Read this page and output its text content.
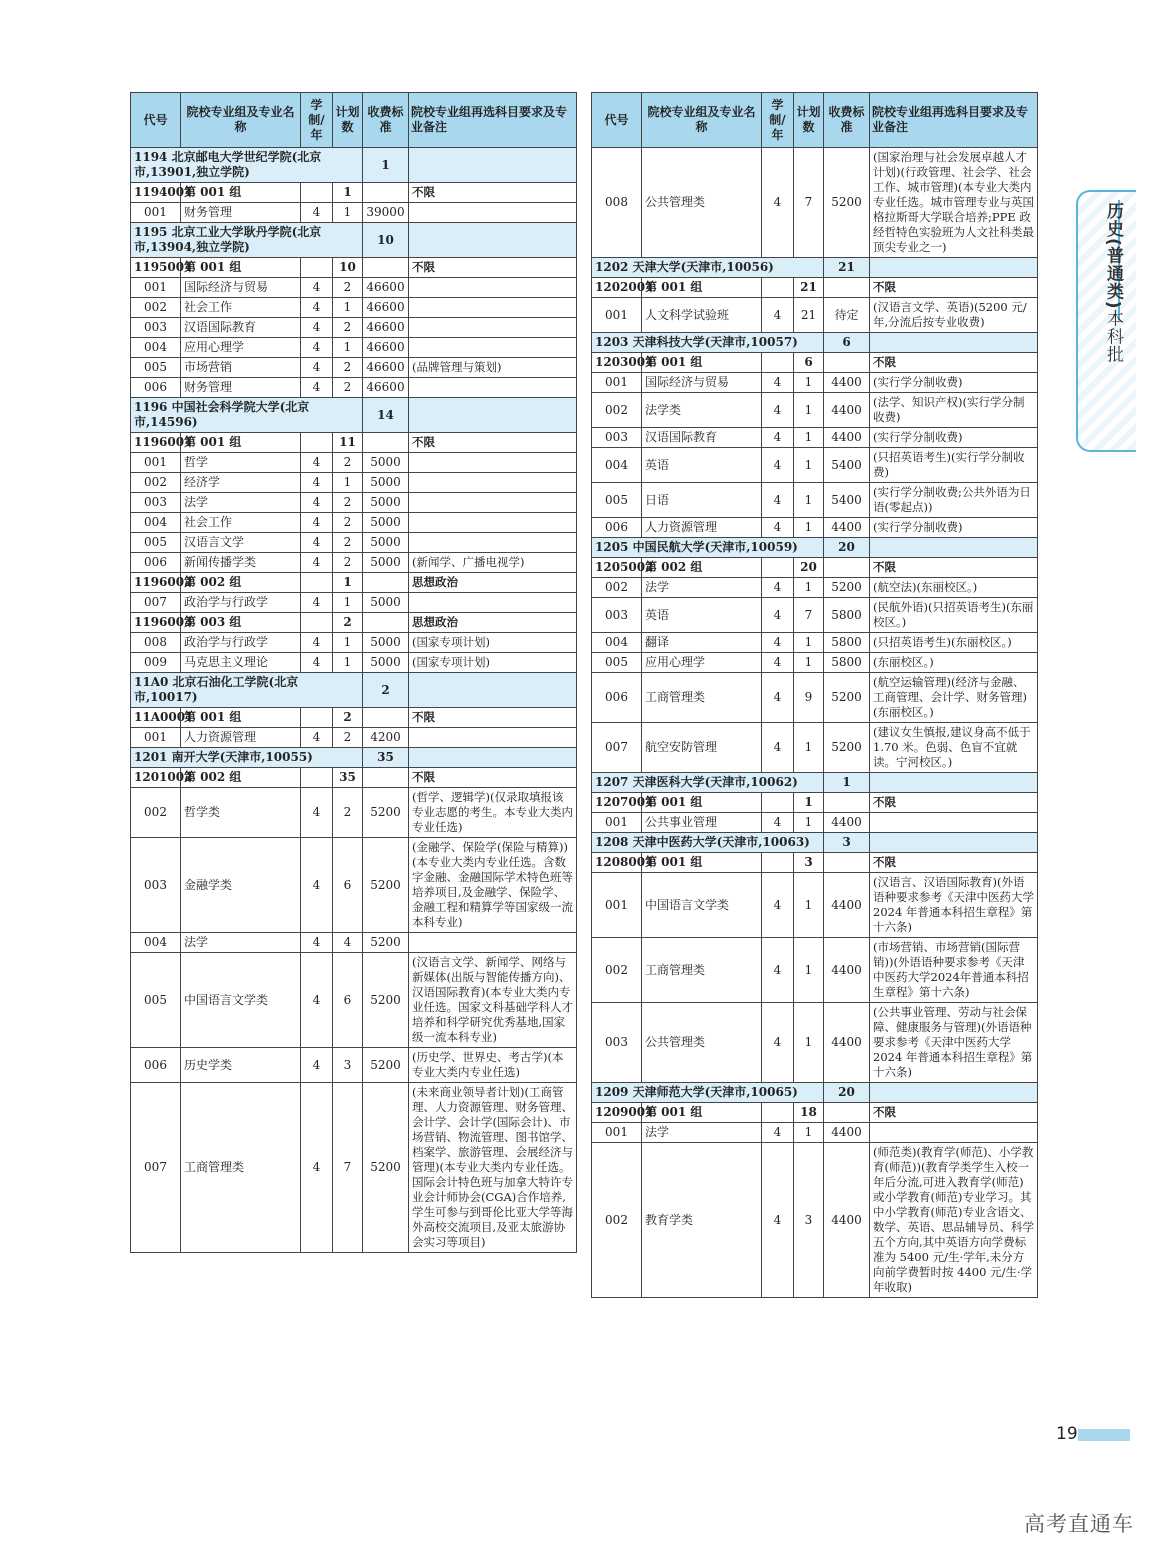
代号	院校专业组及专业名称	学制/年	计划数	收费标准	院校专业组再选科目要求及专业备注
1194 北京邮电大学世纪学院(北京市,13901,独立学院)				1	
1194001	第 001 组		1		不限
001	财务管理	4	1	39000	
1195 北京工业大学耿丹学院(北京市,13904,独立学院)				10	
1195001	第 001 组		10		不限
001	国际经济与贸易	4	2	46600	
002	社会工作	4	1	46600	
003	汉语国际教育	4	2	46600	
004	应用心理学	4	1	46600	
005	市场营销	4	2	46600	(品牌管理与策划)
006	财务管理	4	2	46600	
1196 中国社会科学院大学(北京市,14596)				14	
1196001	第 001 组		11		不限
001	哲学	4	2	5000	
002	经济学	4	1	5000	
003	法学	4	2	5000	
004	社会工作	4	2	5000	
005	汉语言文学	4	2	5000	
006	新闻传播学类	4	2	5000	(新闻学、广播电视学)
1196002	第 002 组		1		思想政治
007	政治学与行政学	4	1	5000	
1196003	第 003 组		2		思想政治
008	政治学与行政学	4	1	5000	(国家专项计划)
009	马克思主义理论	4	1	5000	(国家专项计划)
11A0 北京石油化工学院(北京市,10017)				2	
11A0001	第 001 组		2		不限
001	人力资源管理	4	2	4200	
1201 南开大学(天津市,10055)				35	
1201002	第 002 组		35		不限
002	哲学类	4	2	5200	(哲学、逻辑学)(仅录取填报该专业志愿的考生。本专业大类内专业任选)
003	金融学类	4	6	5200	(金融学、保险学(保险与精算))(本专业大类内专业任选。含数字金融、金融国际学术特色班等培养项目,及金融学、保险学、金融工程和精算学等国家级一流本科专业)
004	法学	4	4	5200	
005	中国语言文学类	4	6	5200	(汉语言文学、新闻学、网络与新媒体(出版与智能传播方向)、汉语国际教育)(本专业大类内专业任选。国家文科基础学科人才培养和科学研究优秀基地,国家级一流本科专业)
006	历史学类	4	3	5200	(历史学、世界史、考古学)(本专业大类内专业任选)
007	工商管理类	4	7	5200	(未来商业领导者计划)(工商管理、人力资源管理、财务管理、会计学、会计学(国际会计)、市场营销、物流管理、图书馆学、档案学、旅游管理、会展经济与管理)(本专业大类内专业任选。国际会计特色班与加拿大特许专业会计师协会(CGA)合作培养,学生可参与到哥伦比亚大学等海外高校交流项目,及亚太旅游协会实习等项目)
代号	院校专业组及专业名称	学制/年	计划数	收费标准	院校专业组再选科目要求及专业备注
008	公共管理类	4	7	5200	(国家治理与社会发展卓越人才计划)(行政管理、社会学、社会工作、城市管理)(本专业大类内专业任选。城市管理专业与英国格拉斯哥大学联合培养;PPE 政经哲特色实验班为人文社科类最顶尖专业之一)
1202 天津大学(天津市,10056)				21	
1202001	第 001 组		21		不限
001	人文科学试验班	4	21	待定	(汉语言文学、英语)(5200 元/年,分流后按专业收费)
1203 天津科技大学(天津市,10057)				6	
1203001	第 001 组		6		不限
001	国际经济与贸易	4	1	4400	(实行学分制收费)
002	法学类	4	1	4400	(法学、知识产权)(实行学分制收费)
003	汉语国际教育	4	1	4400	(实行学分制收费)
004	英语	4	1	5400	(只招英语考生)(实行学分制收费)
005	日语	4	1	5400	(实行学分制收费;公共外语为日语(零起点))
006	人力资源管理	4	1	4400	(实行学分制收费)
1205 中国民航大学(天津市,10059)				20	
1205002	第 002 组		20		不限
002	法学	4	1	5200	(航空法)(东丽校区。)
003	英语	4	7	5800	(民航外语)(只招英语考生)(东丽校区。)
004	翻译	4	1	5800	(只招英语考生)(东丽校区。)
005	应用心理学	4	1	5800	(东丽校区。)
006	工商管理类	4	9	5200	(航空运输管理)(经济与金融、工商管理、会计学、财务管理)(东丽校区。)
007	航空安防管理	4	1	5200	(建议女生慎报,建议身高不低于 1.70 米。色弱、色盲不宜就读。宁河校区。)
1207 天津医科大学(天津市,10062)				1	
1207001	第 001 组		1		不限
001	公共事业管理	4	1	4400	
1208 天津中医药大学(天津市,10063)				3	
1208001	第 001 组		3		不限
001	中国语言文学类	4	1	4400	(汉语言、汉语国际教育)(外语语种要求参考《天津中医药大学 2024 年普通本科招生章程》第十六条)
002	工商管理类	4	1	4400	(市场营销、市场营销(国际营销))(外语语种要求参考《天津中医药大学2024年普通本科招生章程》第十六条)
003	公共管理类	4	1	4400	(公共事业管理、劳动与社会保障、健康服务与管理)(外语语种要求参考《天津中医药大学 2024 年普通本科招生章程》第十六条)
1209 天津师范大学(天津市,10065)				20	
1209001	第 001 组		18		不限
001	法学	4	1	4400	
002	教育学类	4	3	4400	(师范类)(教育学(师范)、小学教育(师范))(教育学类学生入校一年后分流,可进入教育学(师范)或小学教育(师范)专业学习。其中小学教育(师范)专业含语文、数学、英语、思品辅导员、科学五个方向,其中英语方向学费标准为 5400 元/生·学年,未分方向前学费暂时按 4400 元/生·学年收取)
历史(普通类)本科批
19
高考直通车
